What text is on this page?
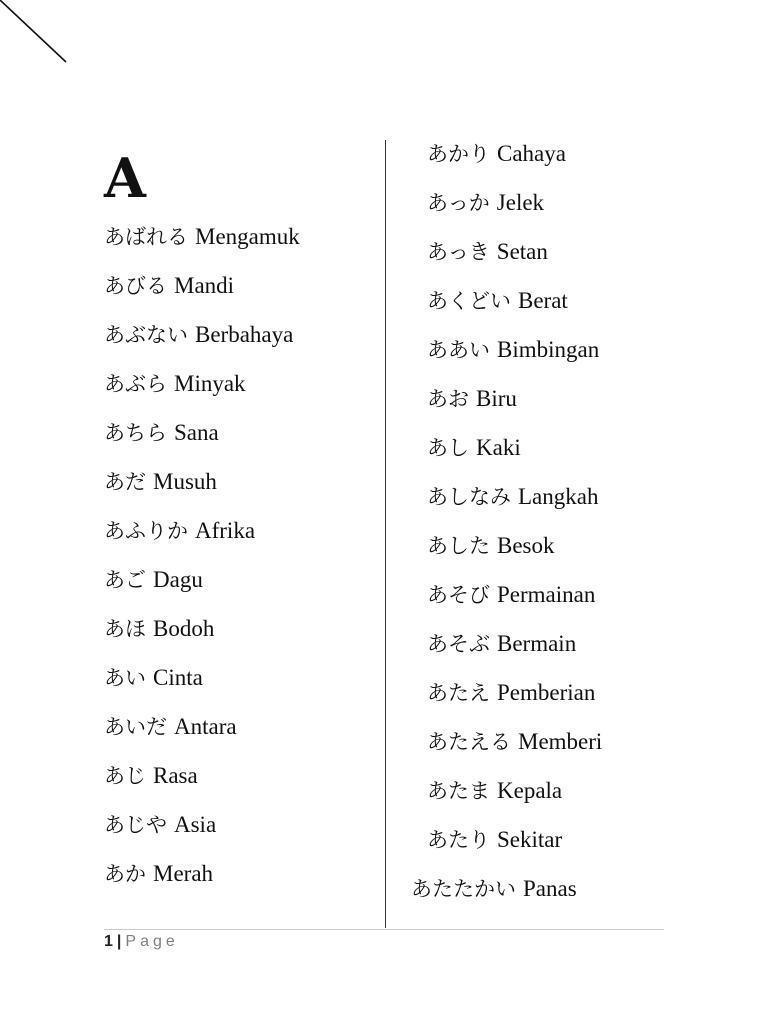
A
あばれる Mengamuk
あびる Mandi
あぶない Berbahaya
あぶら Minyak
あちら Sana
あだ Musuh
あふりか Afrika
あご Dagu
あほ Bodoh
あい Cinta
あいだ Antara
あじ Rasa
あじや Asia
あか Merah
あかり Cahaya
あっか Jelek
あっき Setan
あくどい Berat
ああい Bimbingan
あお Biru
あし Kaki
あしなみ Langkah
あした Besok
あそび Permainan
あそぶ Bermain
あたえ Pemberian
あたえる Memberi
あたま Kepala
あたり Sekitar
あたたかい Panas
1 | Page
